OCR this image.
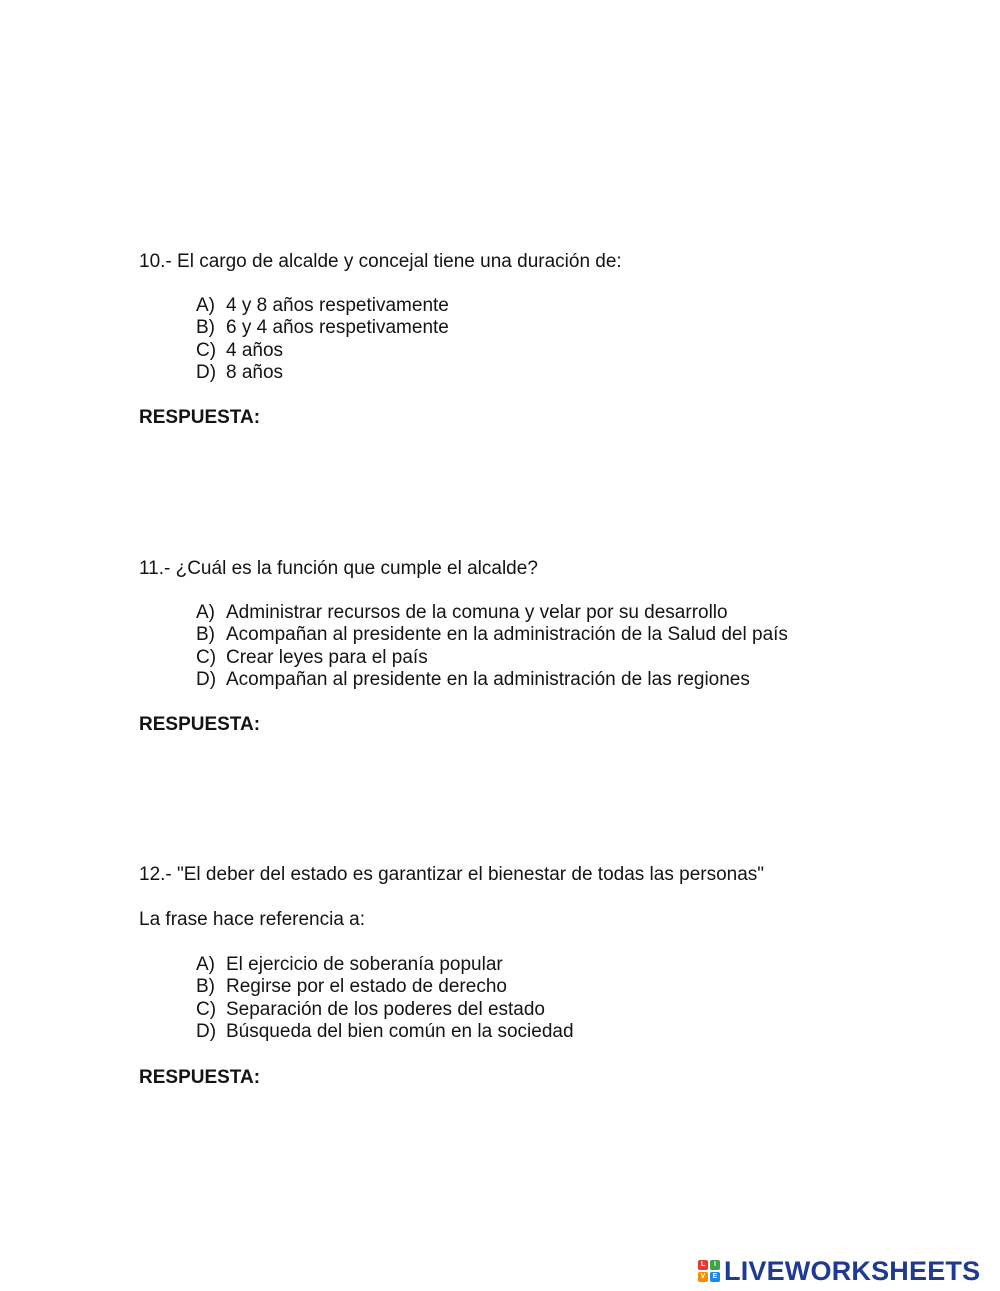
10.- El cargo de alcalde y concejal tiene una duración de:
A) 4 y 8 años respetivamente
B) 6 y 4 años respetivamente
C) 4 años
D) 8 años
RESPUESTA:
11.- ¿Cuál es la función que cumple el alcalde?
A) Administrar recursos de la comuna y velar por su desarrollo
B) Acompañan al presidente en la administración de la Salud del país
C) Crear leyes para el país
D) Acompañan al presidente en la administración de las regiones
RESPUESTA:
12.- "El deber del estado es garantizar el bienestar de todas las personas"
La frase hace referencia a:
A) El ejercicio de soberanía popular
B) Regirse por el estado de derecho
C) Separación de los poderes del estado
D) Búsqueda del bien común en la sociedad
RESPUESTA:
L	I
V	E LIVEWORKSHEETS
